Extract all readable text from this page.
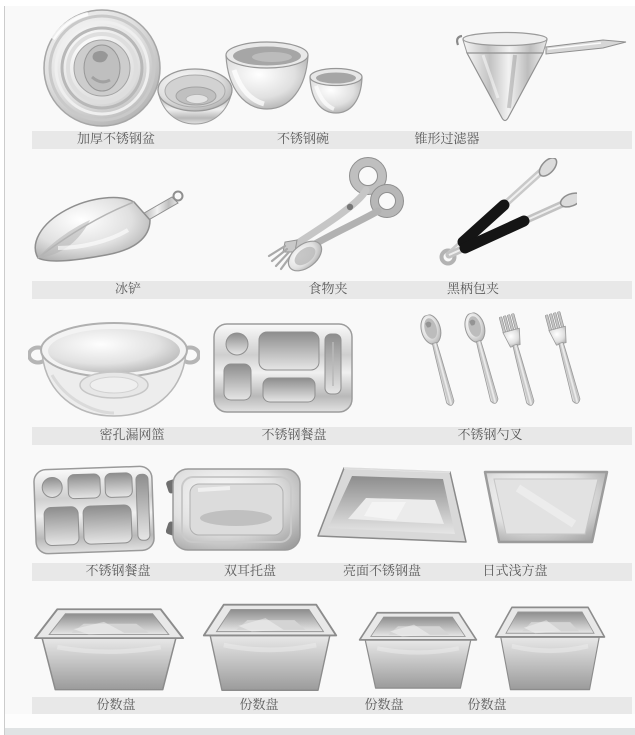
加厚不锈钢盆	不锈钢碗	锥形过滤器
冰铲	食物夹	黑柄包夹
密孔漏网篮	不锈钢餐盘	不锈钢勺叉
不锈钢餐盘	双耳托盘	亮面不锈钢盘	日式浅方盘
份数盘	份数盘	份数盘	份数盘
